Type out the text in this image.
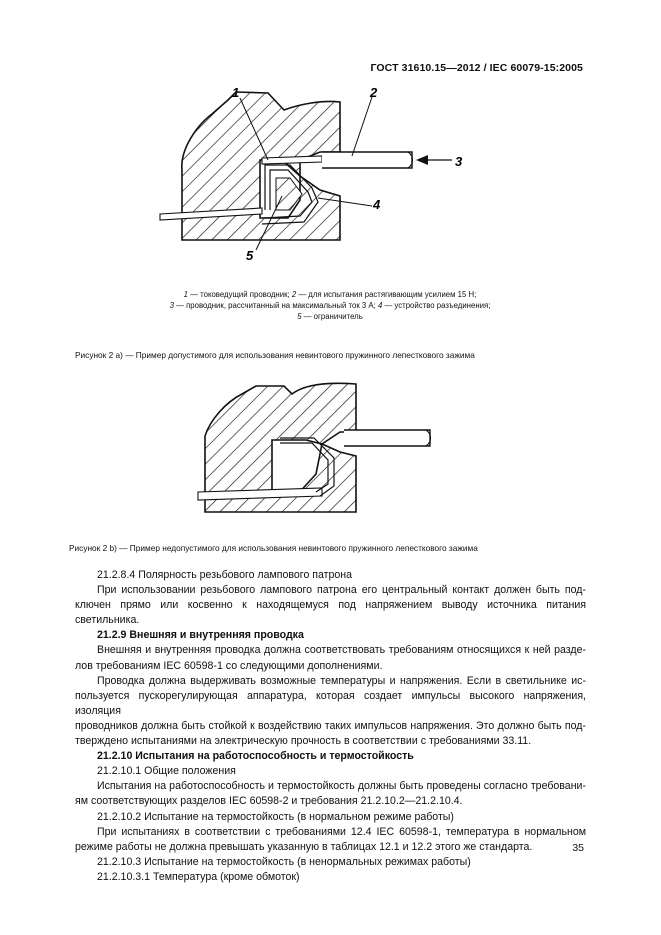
ГОСТ 31610.15—2012 / IEC 60079-15:2005
1	2
3
4
5
1 — токоведущий проводник; 2 — для испытания растягивающим усилием 15 Н;
3 — проводник, рассчитанный на максимальный ток 3 А; 4 — устройство разъединения;
5 — ограничитель
Рисунок 2 a) — Пример допустимого для использования невинтового пружинного лепесткового зажима
Рисунок 2 b) — Пример недопустимого для использования невинтового пружинного лепесткового зажима

21.2.8.4 Полярность резьбового лампового патрона

При использовании резьбового лампового патрона его центральный контакт должен быть под-

ключен прямо или косвенно к находящемуся под напряжением выводу источника питания светильника.

21.2.9 Внешняя и внутренняя проводка

Внешняя и внутренняя проводка должна соответствовать требованиям относящихся к ней разде-

лов требованиям IEC 60598-1 со следующими дополнениями.

Проводка должна выдерживать возможные температуры и напряжения. Если в светильнике ис-

пользуется пускорегулирующая аппаратура, которая создает импульсы высокого напряжения, изоляция

проводников должна быть стойкой к воздействию таких импульсов напряжения. Это должно быть под-

тверждено испытаниями на электрическую прочность в соответствии с требованиями 33.11.

21.2.10 Испытания на работоспособность и термостойкость

21.2.10.1 Общие положения

Испытания на работоспособность и термостойкость должны быть проведены согласно требовани-

ям соответствующих разделов IEC 60598-2 и требования 21.2.10.2—21.2.10.4.

21.2.10.2 Испытание на термостойкость (в нормальном режиме работы)

При испытаниях в соответствии с требованиями 12.4 IEC 60598-1, температура в нормальном

режиме работы не должна превышать указанную в таблицах 12.1 и 12.2 этого же стандарта.

21.2.10.3 Испытание на термостойкость (в ненормальных режимах работы)

21.2.10.3.1 Температура (кроме обмоток)

35
